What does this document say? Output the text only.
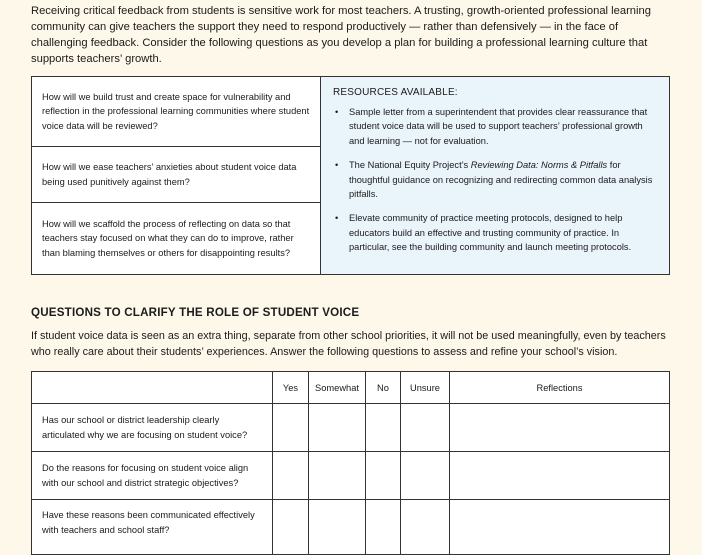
Receiving critical feedback from students is sensitive work for most teachers. A trusting, growth-oriented professional learning community can give teachers the support they need to respond productively — rather than defensively — in the face of challenging feedback. Consider the following questions as you develop a plan for building a professional learning culture that supports teachers’ growth.
How will we build trust and create space for vulnerability and reflection in the professional learning communities where student voice data will be reviewed?
How will we ease teachers’ anxieties about student voice data being used punitively against them?
How will we scaffold the process of reflecting on data so that teachers stay focused on what they can do to improve, rather than blaming themselves or others for disappointing results?
RESOURCES AVAILABLE:
• Sample letter from a superintendent that provides clear reassurance that student voice data will be used to support teachers’ professional growth and learning — not for evaluation.
• The National Equity Project’s Reviewing Data: Norms & Pitfalls for thoughtful guidance on recognizing and redirecting common data analysis pitfalls.
• Elevate community of practice meeting protocols, designed to help educators build an effective and trusting community of practice. In particular, see the building community and launch meeting protocols.
QUESTIONS TO CLARIFY THE ROLE OF STUDENT VOICE
If student voice data is seen as an extra thing, separate from other school priorities, it will not be used meaningfully, even by teachers who really care about their students’ experiences. Answer the following questions to assess and refine your school’s vision.
	Yes	Somewhat	No	Unsure	Reflections
Has our school or district leadership clearly articulated why we are focusing on student voice?					
Do the reasons for focusing on student voice align with our school and district strategic objectives?					
Have these reasons been communicated effectively with teachers and school staff?					
